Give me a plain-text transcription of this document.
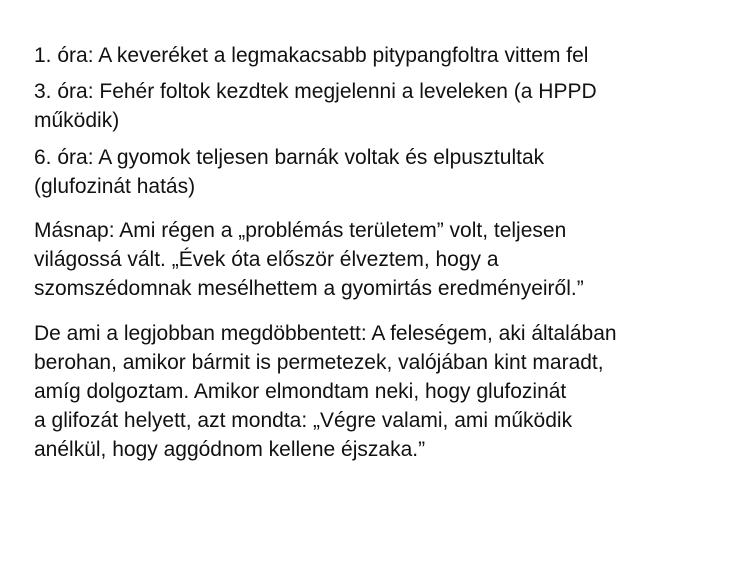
1. óra: A keveréket a legmakacsabb pitypangfoltra vittem fel

3. óra: Fehér foltok kezdtek megjelenni a leveleken (a HPPD
működik)

6. óra: A gyomok teljesen barnák voltak és elpusztultak
(glufozinát hatás)

Másnap: Ami régen a „problémás területem” volt, teljesen
világossá vált. „Évek óta először élveztem, hogy a
szomszédomnak mesélhettem a gyomirtás eredményeiről.”

De ami a legjobban megdöbbentett: A feleségem, aki általában
berohan, amikor bármit is permetezek, valójában kint maradt,
amíg dolgoztam. Amikor elmondtam neki, hogy glufozinát
a glifozát helyett, azt mondta: „Végre valami, ami működik
anélkül, hogy aggódnom kellene éjszaka.”
